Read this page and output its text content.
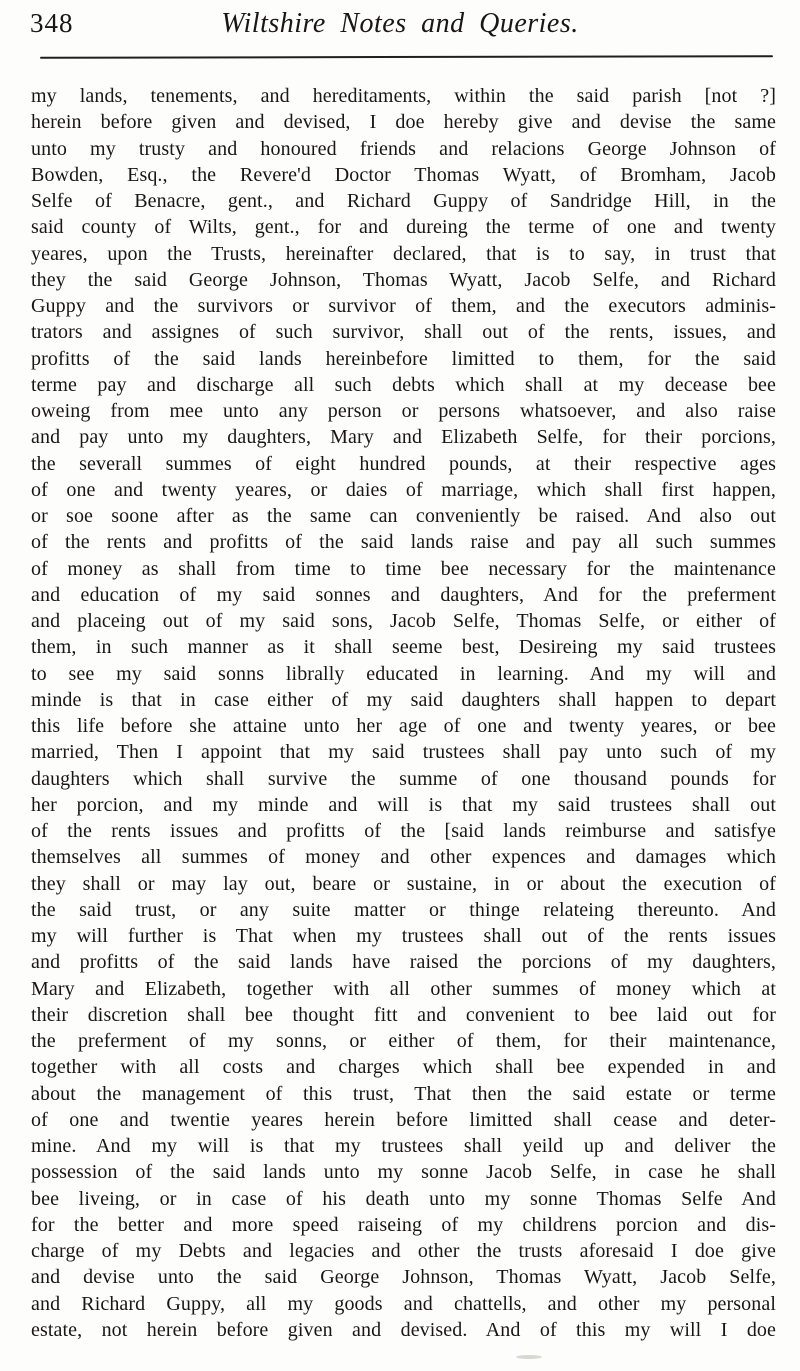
348	Wiltshire Notes and Queries.
my lands, tenements, and hereditaments, within the said parish [not ?]
herein before given and devised, I doe hereby give and devise the same
unto my trusty and honoured friends and relacions George Johnson of
Bowden, Esq., the Revere'd Doctor Thomas Wyatt, of Bromham, Jacob
Selfe of Benacre, gent., and Richard Guppy of Sandridge Hill, in the
said county of Wilts, gent., for and dureing the terme of one and twenty
yeares, upon the Trusts, hereinafter declared, that is to say, in trust that
they the said George Johnson, Thomas Wyatt, Jacob Selfe, and Richard
Guppy and the survivors or survivor of them, and the executors adminis-
trators and assignes of such survivor, shall out of the rents, issues, and
profitts of the said lands hereinbefore limitted to them, for the said
terme pay and discharge all such debts which shall at my decease bee
oweing from mee unto any person or persons whatsoever, and also raise
and pay unto my daughters, Mary and Elizabeth Selfe, for their porcions,
the severall summes of eight hundred pounds, at their respective ages
of one and twenty yeares, or daies of marriage, which shall first happen,
or soe soone after as the same can conveniently be raised. And also out
of the rents and profitts of the said lands raise and pay all such summes
of money as shall from time to time bee necessary for the maintenance
and education of my said sonnes and daughters, And for the preferment
and placeing out of my said sons, Jacob Selfe, Thomas Selfe, or either of
them, in such manner as it shall seeme best, Desireing my said trustees
to see my said sonns librally educated in learning. And my will and
minde is that in case either of my said daughters shall happen to depart
this life before she attaine unto her age of one and twenty yeares, or bee
married, Then I appoint that my said trustees shall pay unto such of my
daughters which shall survive the summe of one thousand pounds for
her porcion, and my minde and will is that my said trustees shall out
of the rents issues and profitts of the [said lands reimburse and satisfye
themselves all summes of money and other expences and damages which
they shall or may lay out, beare or sustaine, in or about the execution of
the said trust, or any suite matter or thinge relateing thereunto. And
my will further is That when my trustees shall out of the rents issues
and profitts of the said lands have raised the porcions of my daughters,
Mary and Elizabeth, together with all other summes of money which at
their discretion shall bee thought fitt and convenient to bee laid out for
the preferment of my sonns, or either of them, for their maintenance,
together with all costs and charges which shall bee expended in and
about the management of this trust, That then the said estate or terme
of one and twentie yeares herein before limitted shall cease and deter-
mine. And my will is that my trustees shall yeild up and deliver the
possession of the said lands unto my sonne Jacob Selfe, in case he shall
bee liveing, or in case of his death unto my sonne Thomas Selfe And
for the better and more speed raiseing of my childrens porcion and dis-
charge of my Debts and legacies and other the trusts aforesaid I doe give
and devise unto the said George Johnson, Thomas Wyatt, Jacob Selfe,
and Richard Guppy, all my goods and chattells, and other my personal
estate, not herein before given and devised. And of this my will I doe
